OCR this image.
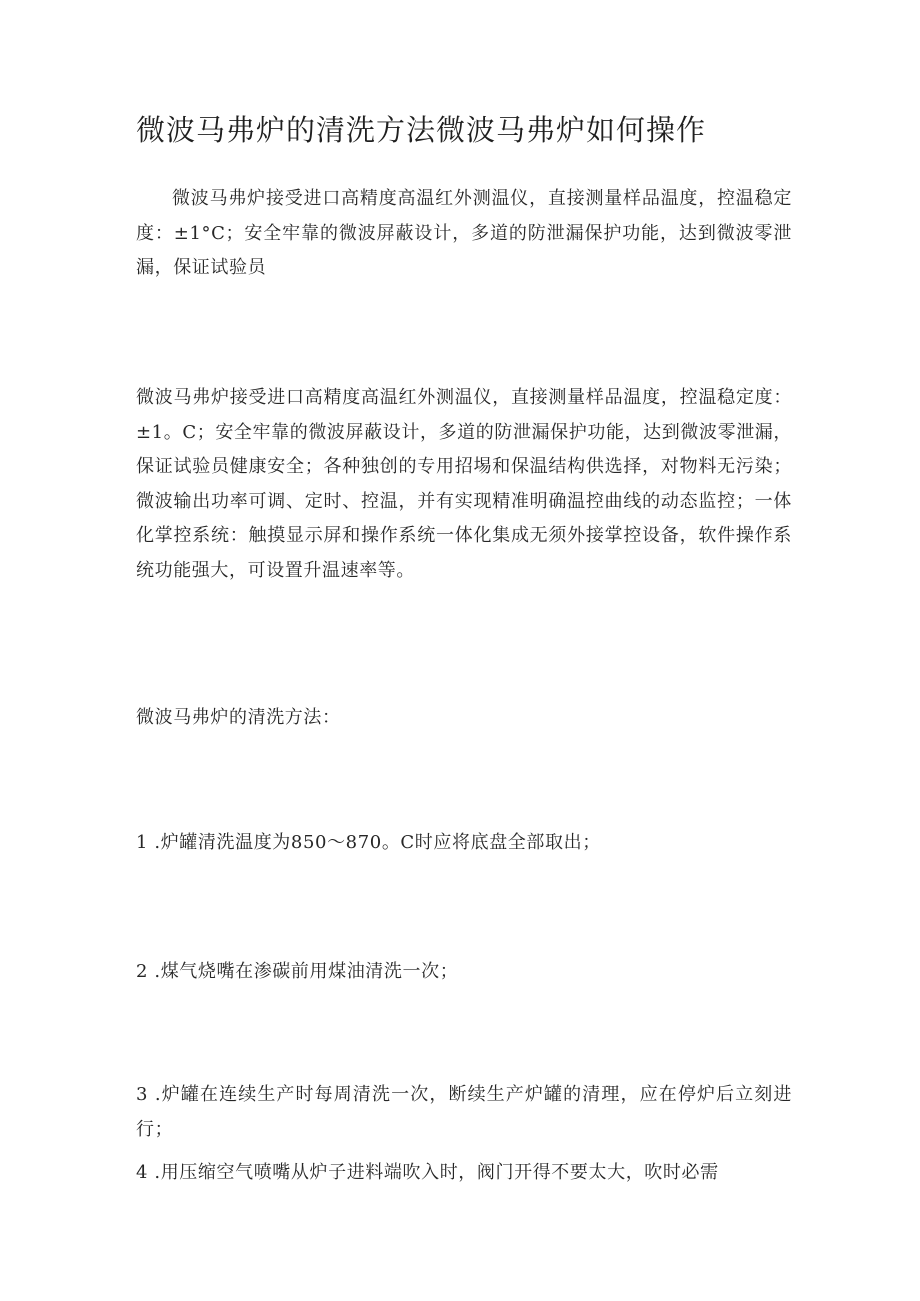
微波马弗炉的清洗方法微波马弗炉如何操作

微波马弗炉接受进口高精度高温红外测温仪，直接测量样品温度，控温稳定度：±1°C；安全牢靠的微波屏蔽设计，多道的防泄漏保护功能，达到微波零泄漏，保证试验员

微波马弗炉接受进口高精度高温红外测温仪，直接测量样品温度，控温稳定度：±1。C；安全牢靠的微波屏蔽设计，多道的防泄漏保护功能，达到微波零泄漏，保证试验员健康安全；各种独创的专用招埸和保温结构供选择，对物料无污染；微波输出功率可调、定时、控温，并有实现精准明确温控曲线的动态监控；一体化掌控系统：触摸显示屏和操作系统一体化集成无须外接掌控设备，软件操作系统功能强大，可设置升温速率等。

微波马弗炉的清洗方法：

1 .炉罐清洗温度为850～870。C时应将底盘全部取出；

2 .煤气烧嘴在渗碳前用煤油清洗一次；

3 .炉罐在连续生产时每周清洗一次，断续生产炉罐的清理，应在停炉后立刻进行；

4 .用压缩空气喷嘴从炉子进料端吹入时，阀门开得不要太大，吹时必需
